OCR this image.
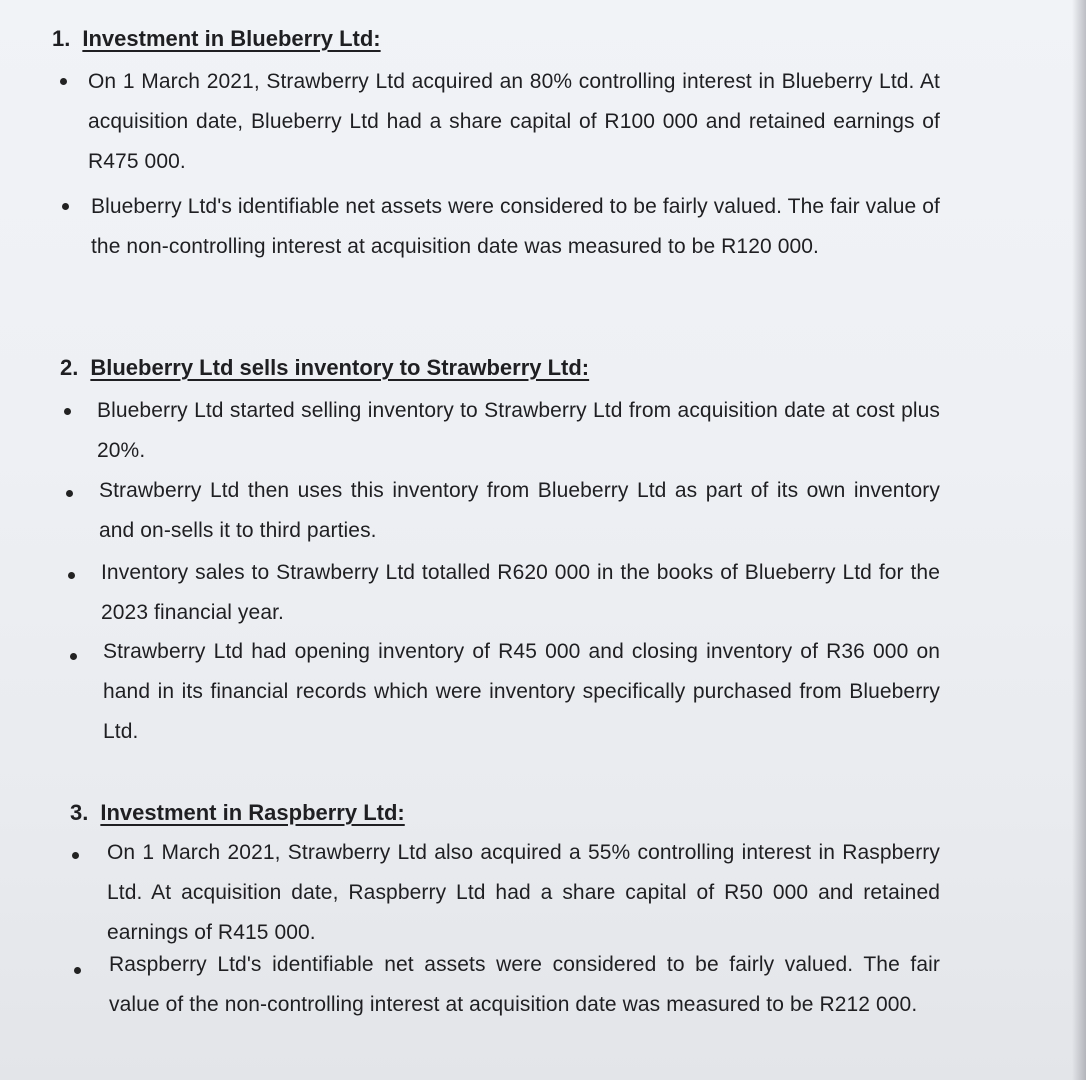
1. Investment in Blueberry Ltd:
On 1 March 2021, Strawberry Ltd acquired an 80% controlling interest in Blueberry Ltd. At acquisition date, Blueberry Ltd had a share capital of R100 000 and retained earnings of R475 000.
Blueberry Ltd's identifiable net assets were considered to be fairly valued. The fair value of the non-controlling interest at acquisition date was measured to be R120 000.
2. Blueberry Ltd sells inventory to Strawberry Ltd:
Blueberry Ltd started selling inventory to Strawberry Ltd from acquisition date at cost plus 20%.
Strawberry Ltd then uses this inventory from Blueberry Ltd as part of its own inventory and on-sells it to third parties.
Inventory sales to Strawberry Ltd totalled R620 000 in the books of Blueberry Ltd for the 2023 financial year.
Strawberry Ltd had opening inventory of R45 000 and closing inventory of R36 000 on hand in its financial records which were inventory specifically purchased from Blueberry Ltd.
3. Investment in Raspberry Ltd:
On 1 March 2021, Strawberry Ltd also acquired a 55% controlling interest in Raspberry Ltd. At acquisition date, Raspberry Ltd had a share capital of R50 000 and retained earnings of R415 000.
Raspberry Ltd's identifiable net assets were considered to be fairly valued. The fair value of the non-controlling interest at acquisition date was measured to be R212 000.
